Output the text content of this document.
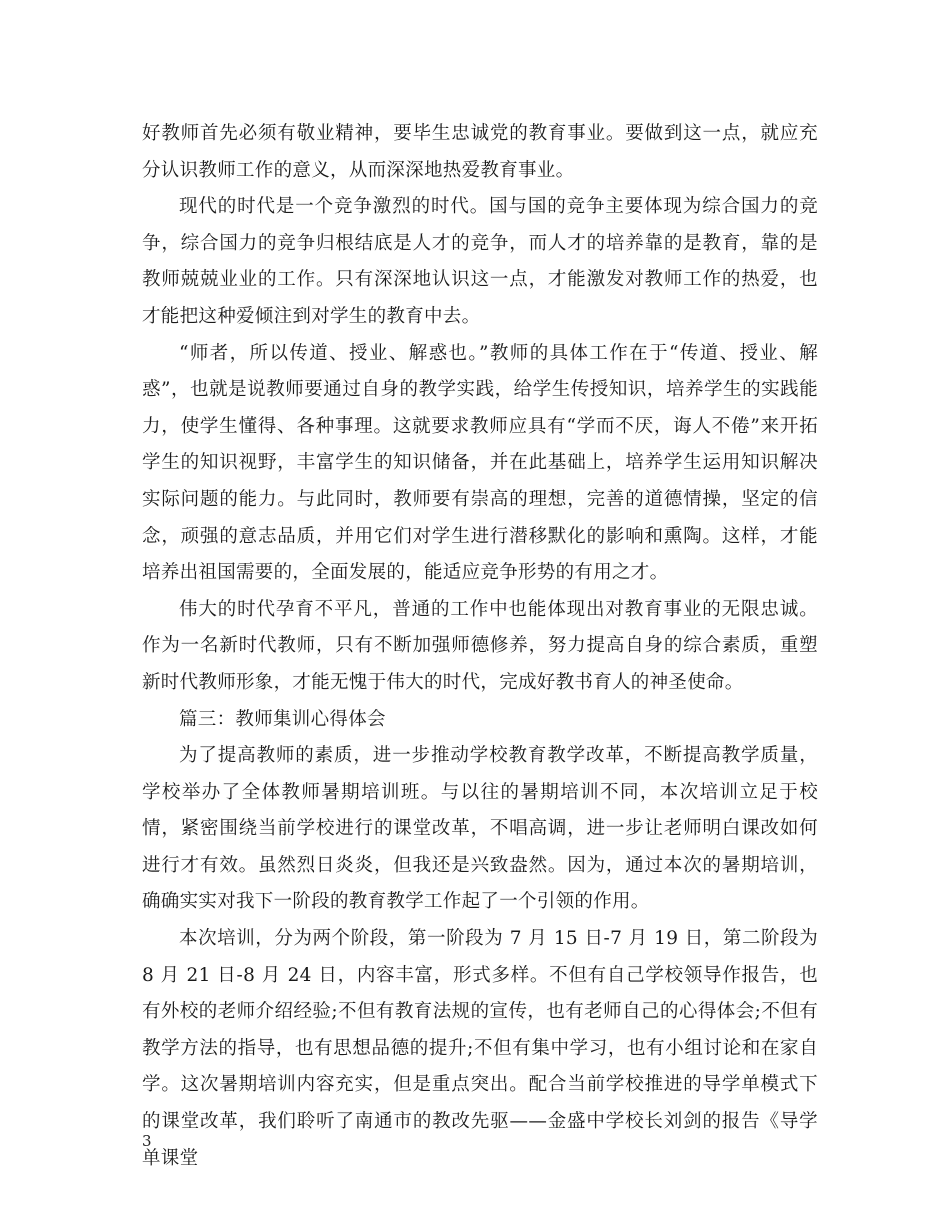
好教师首先必须有敬业精神，要毕生忠诚党的教育事业。要做到这一点，就应充分认识教师工作的意义，从而深深地热爱教育事业。

现代的时代是一个竞争激烈的时代。国与国的竞争主要体现为综合国力的竞争，综合国力的竞争归根结底是人才的竞争，而人才的培养靠的是教育，靠的是教师兢兢业业的工作。只有深深地认识这一点，才能激发对教师工作的热爱，也才能把这种爱倾注到对学生的教育中去。

“师者，所以传道、授业、解惑也。”教师的具体工作在于“传道、授业、解惑”，也就是说教师要通过自身的教学实践，给学生传授知识，培养学生的实践能力，使学生懂得、各种事理。这就要求教师应具有“学而不厌，诲人不倦”来开拓学生的知识视野，丰富学生的知识储备，并在此基础上，培养学生运用知识解决实际问题的能力。与此同时，教师要有崇高的理想，完善的道德情操，坚定的信念，顽强的意志品质，并用它们对学生进行潜移默化的影响和熏陶。这样，才能培养出祖国需要的，全面发展的，能适应竞争形势的有用之才。

伟大的时代孕育不平凡，普通的工作中也能体现出对教育事业的无限忠诚。作为一名新时代教师，只有不断加强师德修养，努力提高自身的综合素质，重塑新时代教师形象，才能无愧于伟大的时代，完成好教书育人的神圣使命。

篇三：教师集训心得体会

为了提高教师的素质，进一步推动学校教育教学改革，不断提高教学质量，学校举办了全体教师暑期培训班。与以往的暑期培训不同，本次培训立足于校情，紧密围绕当前学校进行的课堂改革，不唱高调，进一步让老师明白课改如何进行才有效。虽然烈日炎炎，但我还是兴致盎然。因为，通过本次的暑期培训，确确实实对我下一阶段的教育教学工作起了一个引领的作用。

本次培训，分为两个阶段，第一阶段为 7 月 15 日-7 月 19 日，第二阶段为 8 月 21 日-8 月 24 日，内容丰富，形式多样。不但有自己学校领导作报告，也有外校的老师介绍经验;不但有教育法规的宣传，也有老师自己的心得体会;不但有教学方法的指导，也有思想品德的提升;不但有集中学习，也有小组讨论和在家自学。这次暑期培训内容充实，但是重点突出。配合当前学校推进的导学单模式下的课堂改革，我们聆听了南通市的教改先驱——金盛中学校长刘剑的报告《导学单课堂

3
